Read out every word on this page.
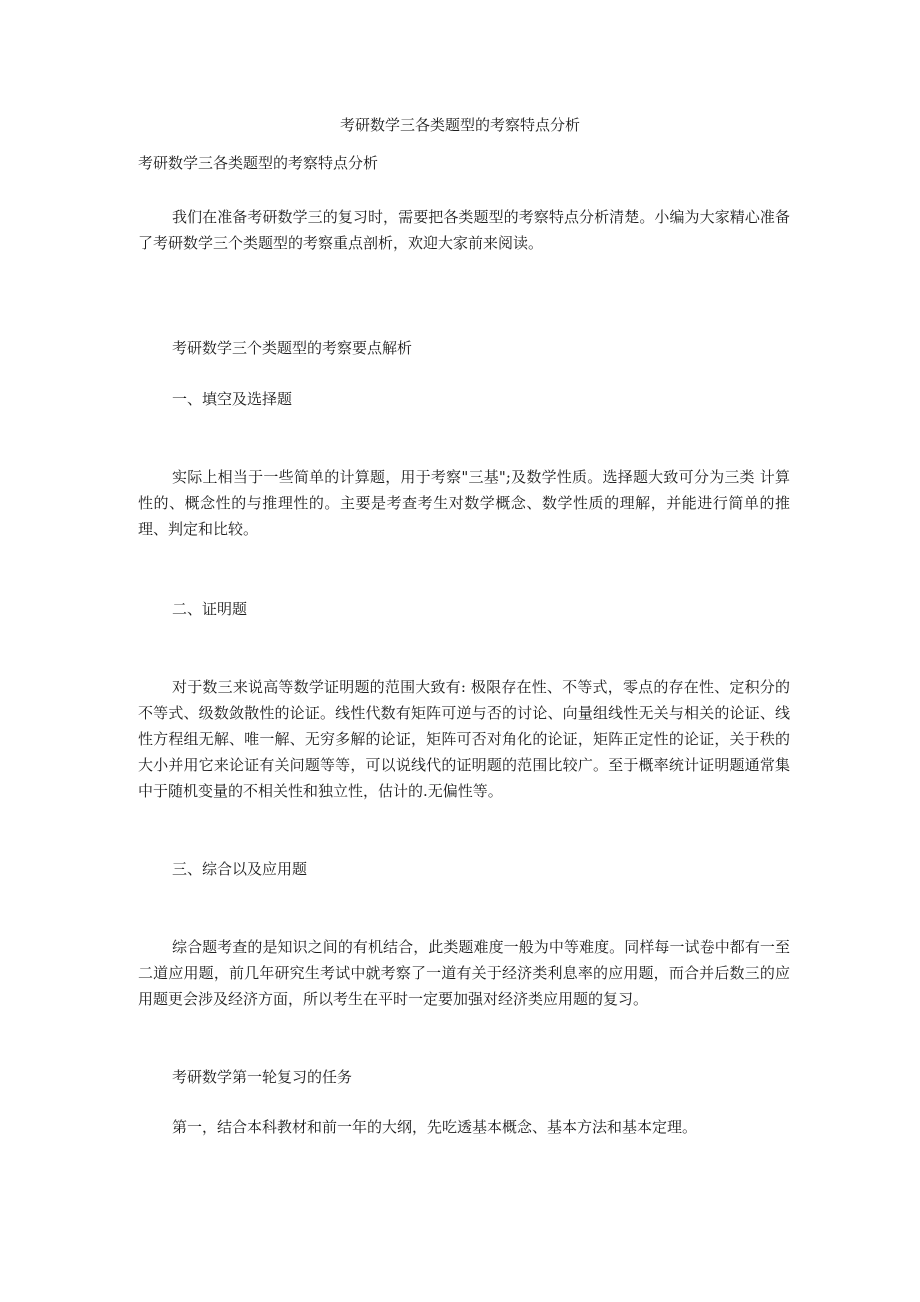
考研数学三各类题型的考察特点分析
考研数学三各类题型的考察特点分析

我们在准备考研数学三的复习时，需要把各类题型的考察特点分析清楚。小编为大家精心准备了考研数学三个类题型的考察重点剖析，欢迎大家前来阅读。

考研数学三个类题型的考察要点解析
一、填空及选择题

实际上相当于一些简单的计算题，用于考察"三基";及数学性质。选择题大致可分为三类 计算性的、概念性的与推理性的。主要是考查考生对数学概念、数学性质的理解，并能进行简单的推理、判定和比较。

二、证明题

对于数三来说高等数学证明题的范围大致有: 极限存在性、不等式，零点的存在性、定积分的不等式、级数敛散性的论证。线性代数有矩阵可逆与否的讨论、向量组线性无关与相关的论证、线性方程组无解、唯一解、无穷多解的论证，矩阵可否对角化的论证，矩阵正定性的论证，关于秩的大小并用它来论证有关问题等等，可以说线代的证明题的范围比较广。至于概率统计证明题通常集中于随机变量的不相关性和独立性，估计的.无偏性等。

三、综合以及应用题

综合题考查的是知识之间的有机结合，此类题难度一般为中等难度。同样每一试卷中都有一至二道应用题，前几年研究生考试中就考察了一道有关于经济类利息率的应用题，而合并后数三的应用题更会涉及经济方面，所以考生在平时一定要加强对经济类应用题的复习。

考研数学第一轮复习的任务
第一，结合本科教材和前一年的大纲，先吃透基本概念、基本方法和基本定理。
